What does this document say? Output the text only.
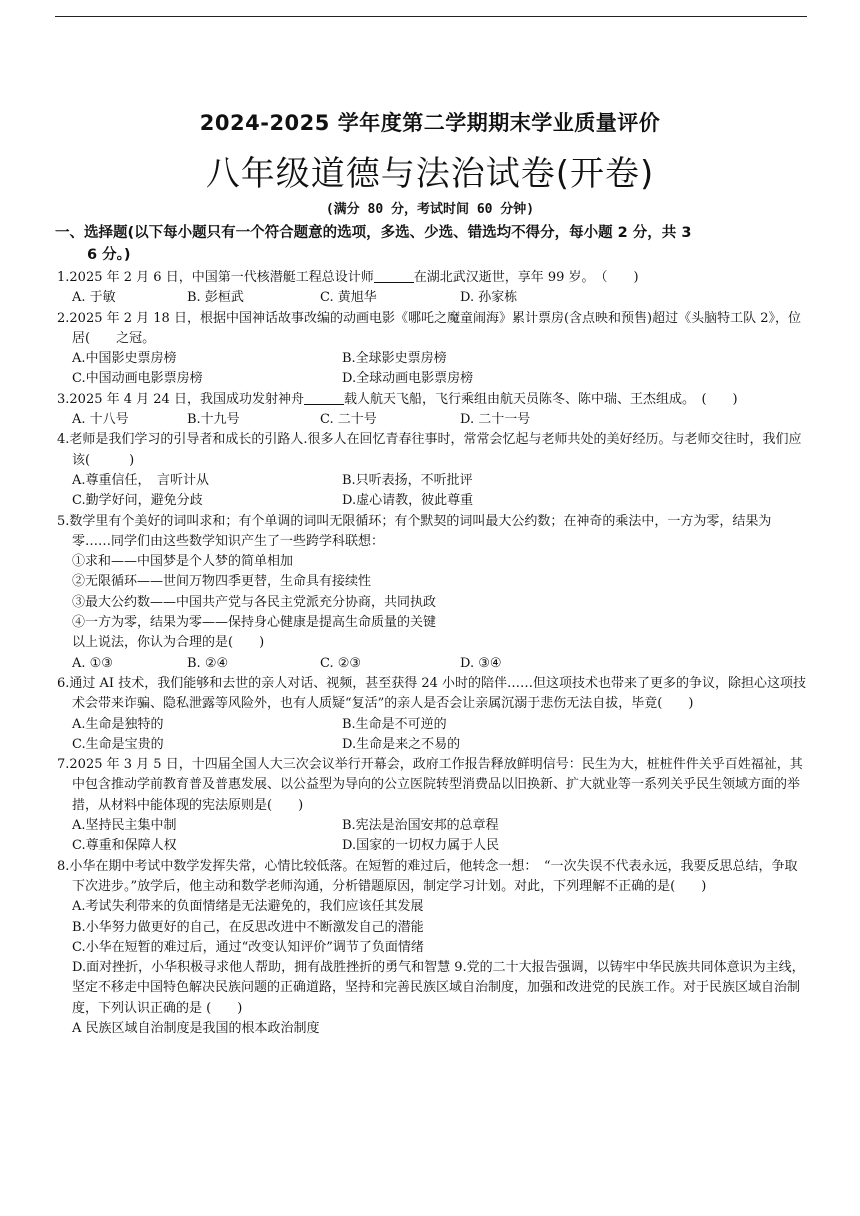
2024-2025 学年度第二学期期末学业质量评价
八年级道德与法治试卷(开卷)
(满分 80 分，考试时间 60 分钟)
一、选择题(以下每小题只有一个符合题意的选项，多选、少选、错选均不得分，每小题 2 分，共 3
6 分。)
1.2025 年 2 月 6 日，中国第一代核潜艇工程总设计师	在湖北武汉逝世，享年 99 岁。　（　　)
A. 于敏	B. 彭桓武	C. 黄旭华	D. 孙家栋
2.2025 年 2 月 18 日，根据中国神话故事改编的动画电影《哪吒之魔童闹海》累计票房(含点映和预售)超过《头脑特工队 2》，位居(　　之冠。
A.中国影史票房榜	B.全球影史票房榜
C.中国动画电影票房榜	D.全球动画电影票房榜
3.2025 年 4 月 24 日，我国成功发射神舟	载人航天飞船，飞行乘组由航天员陈冬、陈中瑞、王杰组成。　(　　)
A. 十八号	B.十九号	C. 二十号	D. 二十一号
4.老师是我们学习的引导者和成长的引路人.很多人在回忆青春往事时，常常会忆起与老师共处的美好经历。与老师交往时，我们应该(　　　)
A.尊重信任，　言听计从	B.只听表扬，不听批评
C.勤学好问，避免分歧	D.虚心请教，彼此尊重
5.数学里有个美好的词叫求和；有个单调的词叫无限循环；有个默契的词叫最大公约数；在神奇的乘法中，一方为零，结果为零……同学们由这些数学知识产生了一些跨学科联想：
①求和——中国梦是个人梦的简单相加
②无限循环——世间万物四季更替，生命具有接续性
③最大公约数——中国共产党与各民主党派充分协商，共同执政
④一方为零，结果为零——保持身心健康是提高生命质量的关键
以上说法，你认为合理的是(　　)
A. ①③	B. ②④	C. ②③	D. ③④
6.通过 AI 技术，我们能够和去世的亲人对话、视频，甚至获得 24 小时的陪伴……但这项技术也带来了更多的争议，除担心这项技术会带来诈骗、隐私泄露等风险外，也有人质疑“复活”的亲人是否会让亲属沉溺于悲伤无法自拔，毕竟(　　)
A.生命是独特的	B.生命是不可逆的
C.生命是宝贵的	D.生命是来之不易的
7.2025 年 3 月 5 日，十四届全国人大三次会议举行开幕会，政府工作报告释放鲜明信号：民生为大，桩桩件件关乎百姓福祉，其中包含推动学前教育普及普惠发展、以公益型为导向的公立医院转型消费品以旧换新、扩大就业等一系列关乎民生领域方面的举措，从材料中能体现的宪法原则是(　　)
A.坚持民主集中制	B.宪法是治国安邦的总章程
C.尊重和保障人权	D.国家的一切权力属于人民
8.小华在期中考试中数学发挥失常，心情比较低落。在短暂的难过后，他转念一想：　“一次失误不代表永远，我要反思总结，争取下次进步。”放学后，他主动和数学老师沟通，分析错题原因，制定学习计划。对此，下列理解不正确的是(　　)
A.考试失利带来的负面情绪是无法避免的，我们应该任其发展
B.小华努力做更好的自己，在反思改进中不断激发自己的潜能
C.小华在短暂的难过后，通过“改变认知评价”调节了负面情绪
D.面对挫折，小华积极寻求他人帮助，拥有战胜挫折的勇气和智慧 9.党的二十大报告强调，以铸牢中华民族共同体意识为主线，坚定不移走中国特色解决民族问题的正确道路，坚持和完善民族区域自治制度，加强和改进党的民族工作。对于民族区域自治制度，下列认识正确的是 (　　)
A 民族区域自治制度是我国的根本政治制度
